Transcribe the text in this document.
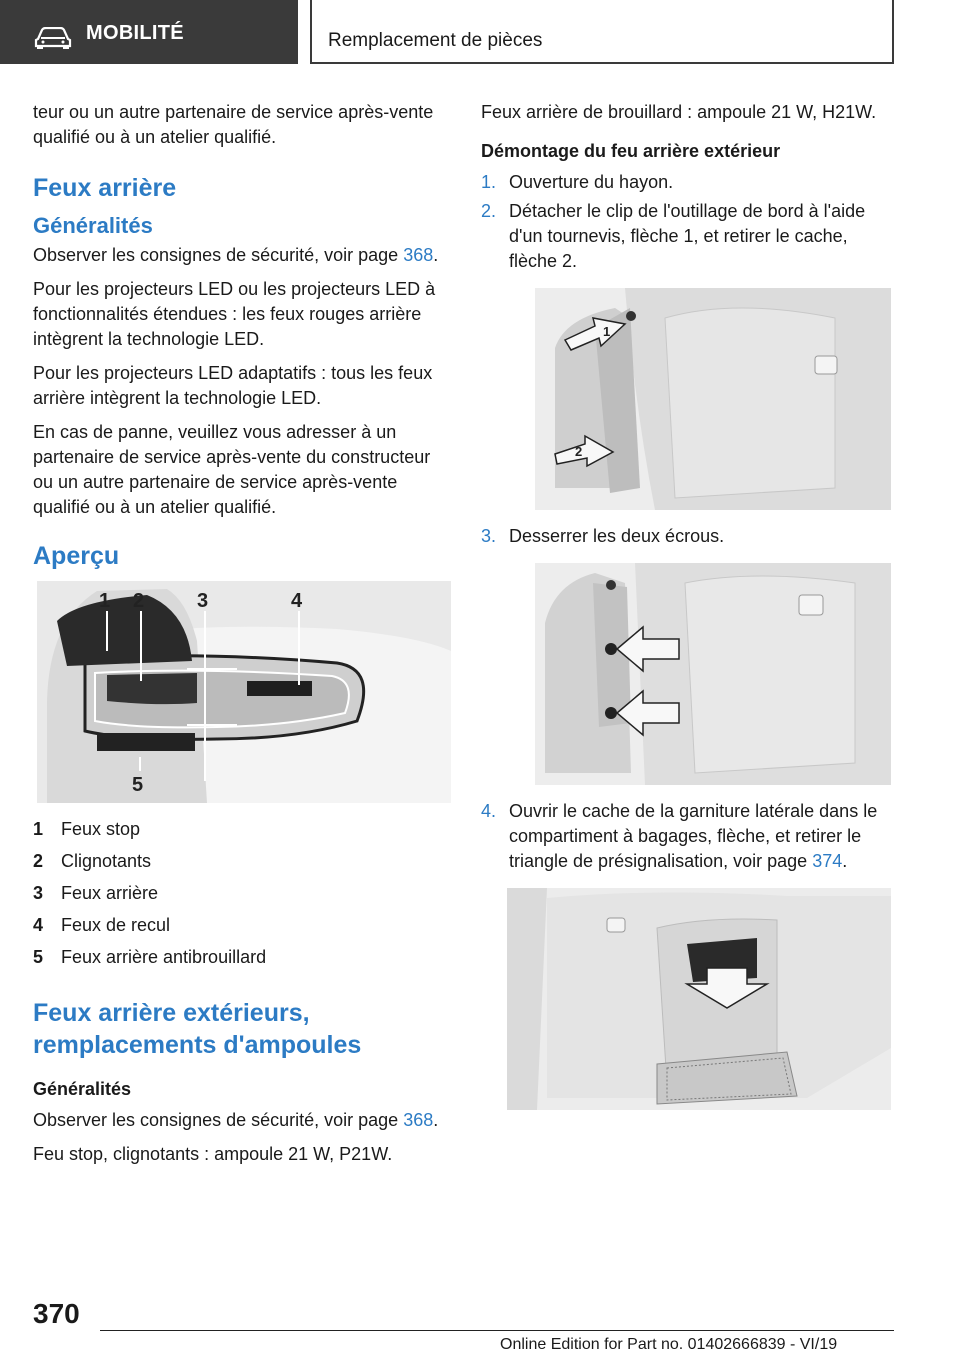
MOBILITÉ	Remplacement de pièces

teur ou un autre partenaire de service après-vente qualifié ou à un atelier qualifié.

Feux arrière
Généralités

Observer les consignes de sécurité, voir page 368.

Pour les projecteurs LED ou les projecteurs LED à fonctionnalités étendues : les feux rouges arrière intègrent la technologie LED.

Pour les projecteurs LED adaptatifs : tous les feux arrière intègrent la technologie LED.

En cas de panne, veuillez vous adresser à un partenaire de service après-vente du constructeur ou un autre partenaire de service après-vente qualifié ou à un atelier qualifié.

Aperçu
1 2	3	4
5
1 Feux stop
2 Clignotants
3 Feux arrière
4 Feux de recul
5 Feux arrière antibrouillard
Feux arrière extérieurs, remplacements d'ampoules
Généralités

Observer les consignes de sécurité, voir page 368.

Feu stop, clignotants : ampoule 21 W, P21W.

Feux arrière de brouillard : ampoule 21 W, H21W.

Démontage du feu arrière extérieur
1. Ouverture du hayon.
2. Détacher le clip de l'outillage de bord à l'aide d'un tournevis, flèche 1, et retirer le cache, flèche 2.
1
2
3. Desserrer les deux écrous.
4. Ouvrir le cache de la garniture latérale dans le compartiment à bagages, flèche, et retirer le triangle de présignalisation, voir page 374.
370
Online Edition for Part no. 01402666839 - VI/19
